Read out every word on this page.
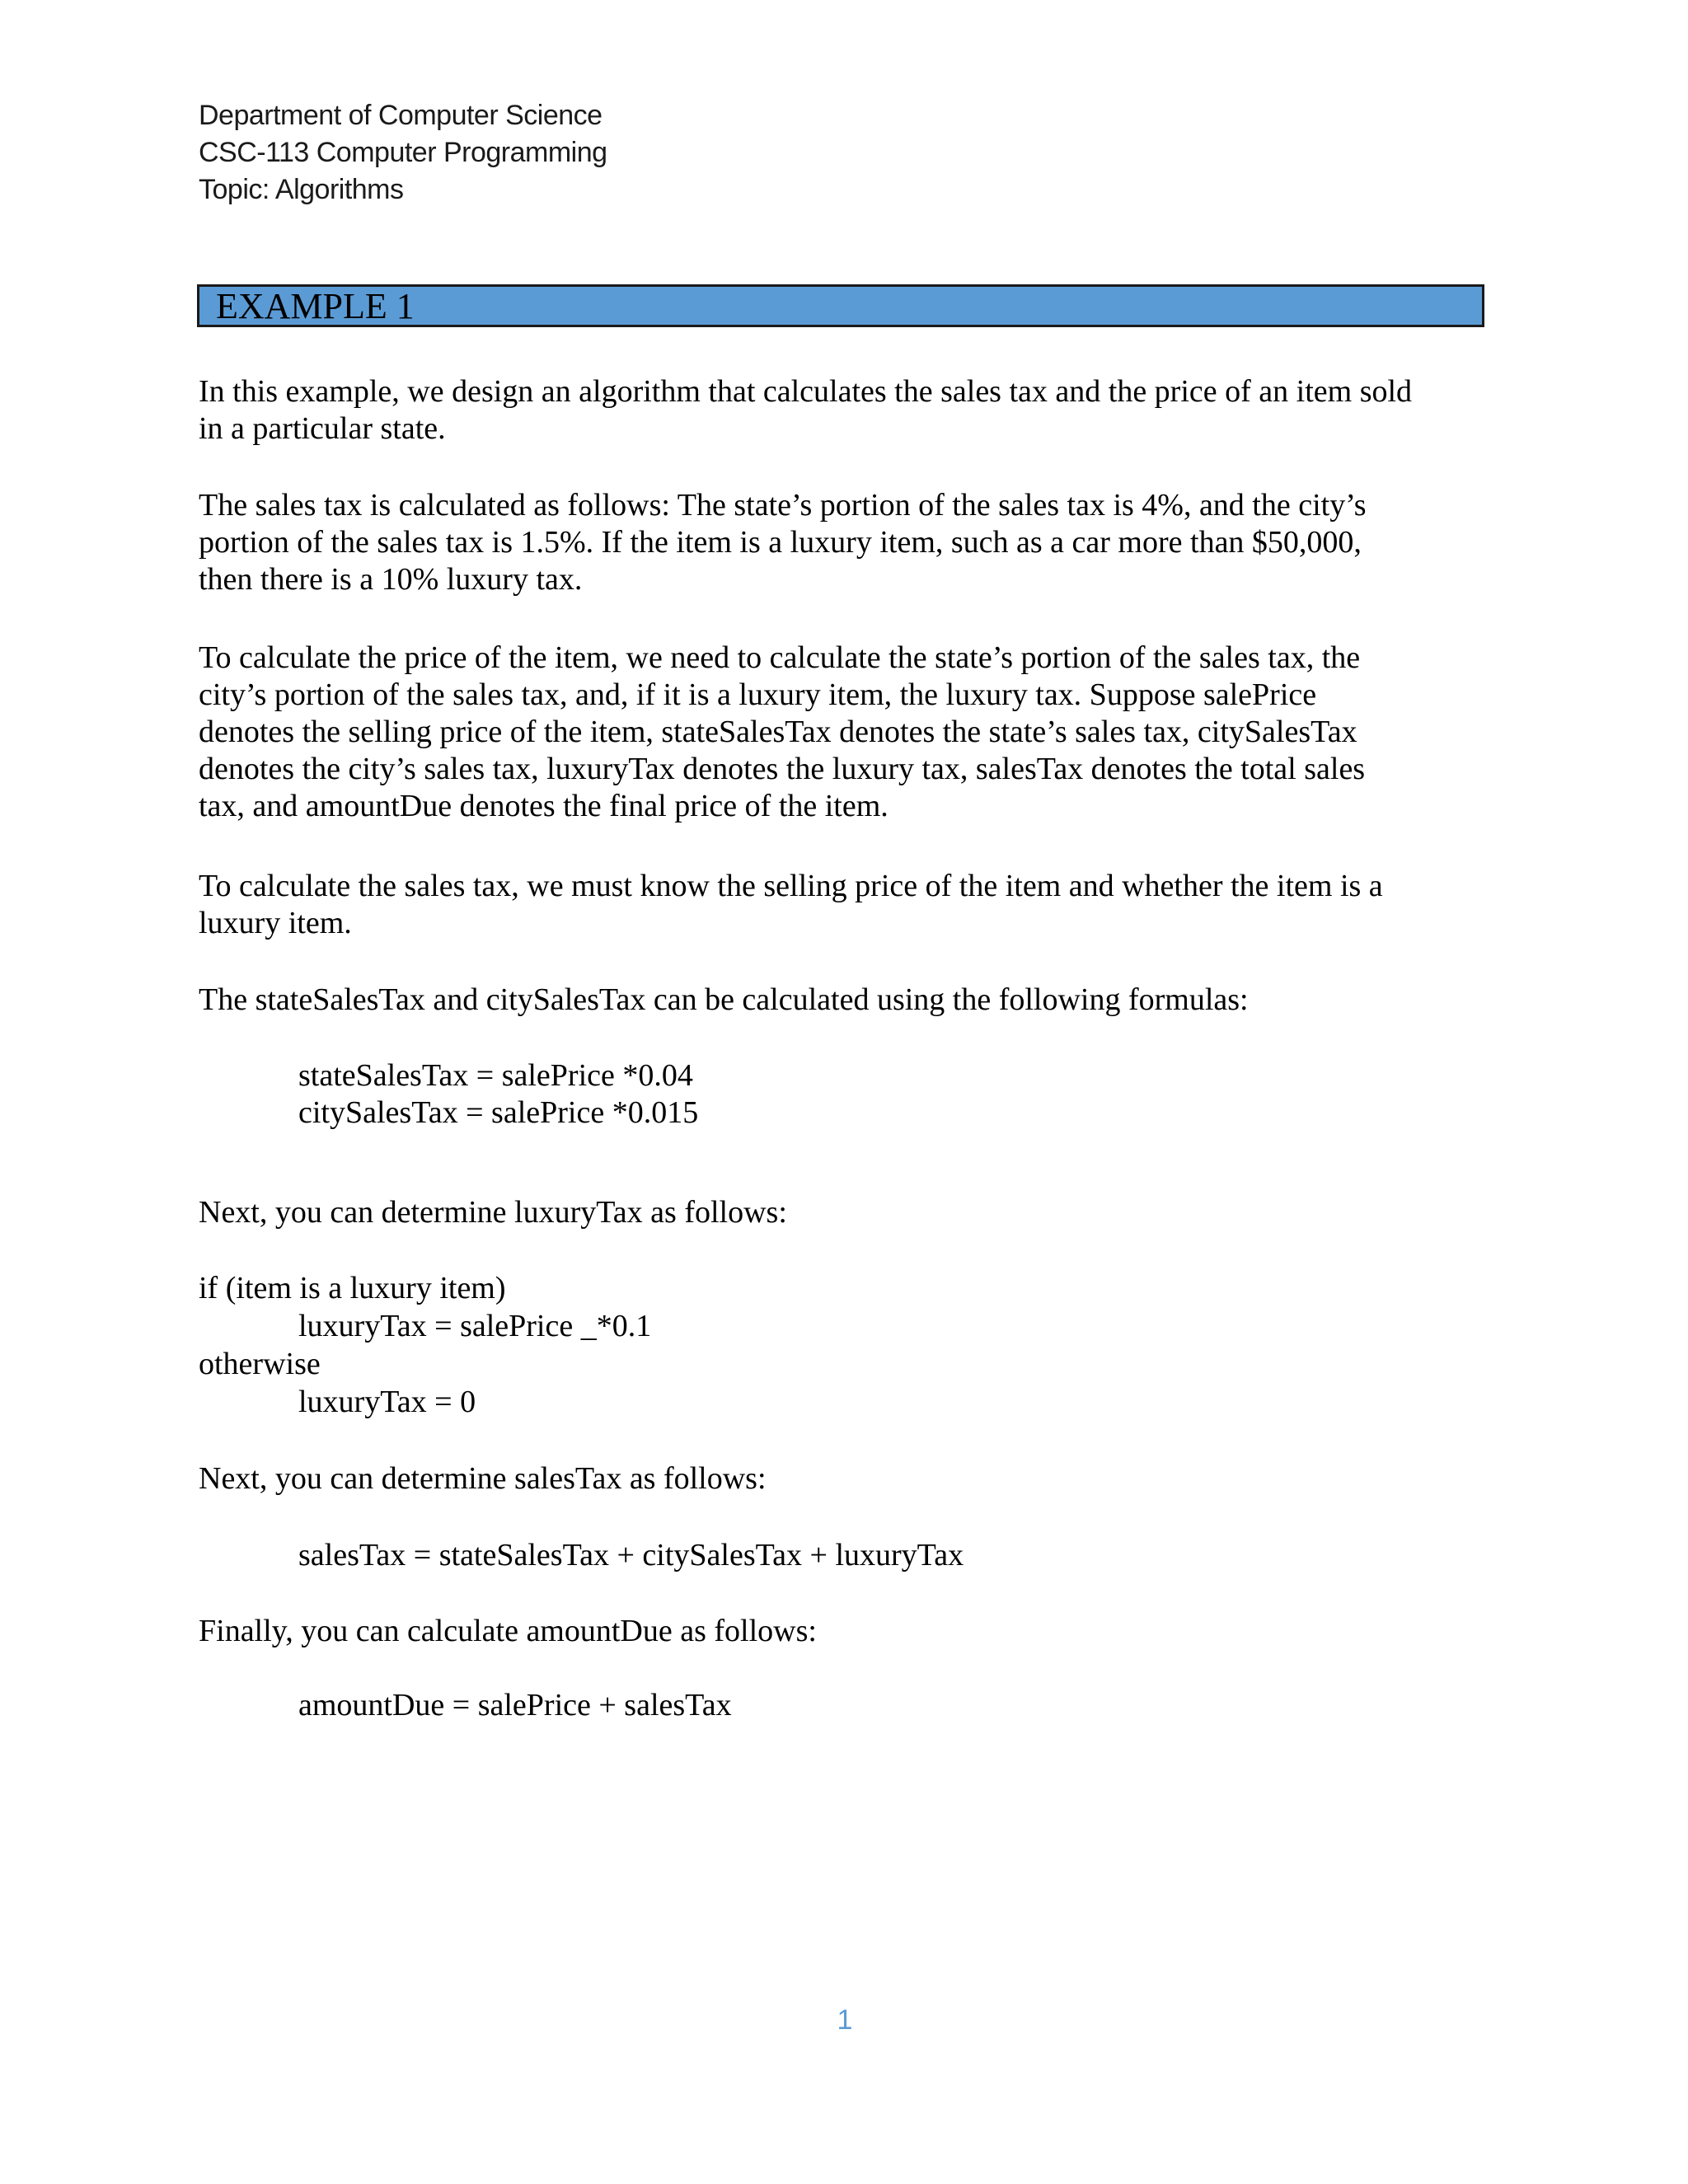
Department of Computer Science
CSC-113 Computer Programming
Topic: Algorithms
EXAMPLE 1
In this example, we design an algorithm that calculates the sales tax and the price of an item sold
in a particular state.
The sales tax is calculated as follows: The state’s portion of the sales tax is 4%, and the city’s
portion of the sales tax is 1.5%. If the item is a luxury item, such as a car more than $50,000,
then there is a 10% luxury tax.
To calculate the price of the item, we need to calculate the state’s portion of the sales tax, the
city’s portion of the sales tax, and, if it is a luxury item, the luxury tax. Suppose salePrice
denotes the selling price of the item, stateSalesTax denotes the state’s sales tax, citySalesTax
denotes the city’s sales tax, luxuryTax denotes the luxury tax, salesTax denotes the total sales
tax, and amountDue denotes the final price of the item.
To calculate the sales tax, we must know the selling price of the item and whether the item is a
luxury item.
The stateSalesTax and citySalesTax can be calculated using the following formulas:
stateSalesTax = salePrice *0.04
citySalesTax = salePrice *0.015
Next, you can determine luxuryTax as follows:
if (item is a luxury item)
luxuryTax = salePrice _*0.1
otherwise
luxuryTax = 0
Next, you can determine salesTax as follows:
salesTax = stateSalesTax + citySalesTax + luxuryTax
Finally, you can calculate amountDue as follows:
amountDue = salePrice + salesTax
1
